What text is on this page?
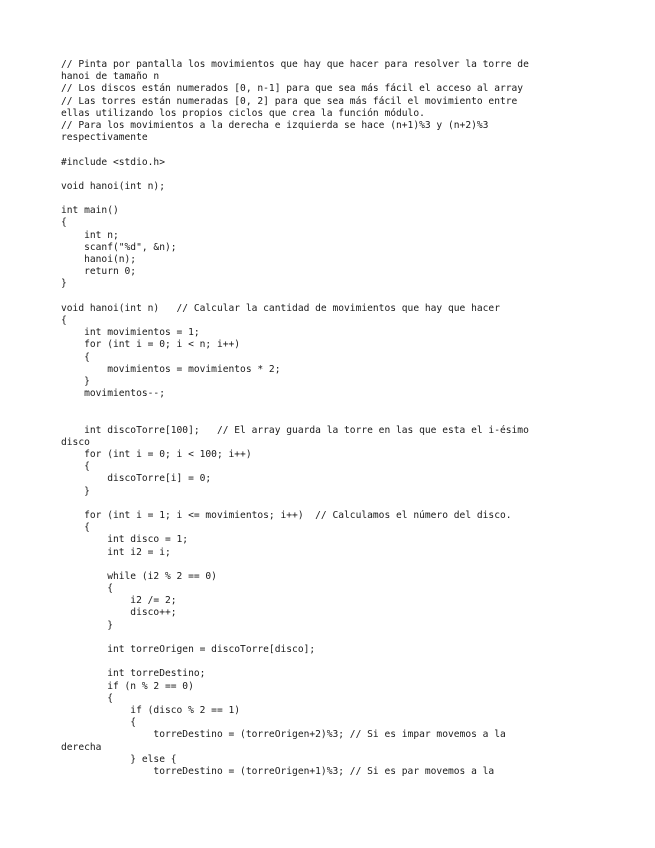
// Pinta por pantalla los movimientos que hay que hacer para resolver la torre de
hanoi de tamaño n
// Los discos están numerados [0, n-1] para que sea más fácil el acceso al array
// Las torres están numeradas [0, 2] para que sea más fácil el movimiento entre
ellas utilizando los propios ciclos que crea la función módulo.
// Para los movimientos a la derecha e izquierda se hace (n+1)%3 y (n+2)%3
respectivamente
#include <stdio.h>
void hanoi(int n);
int main()
{
int n;
scanf("%d", &n);
hanoi(n);
return 0;
}
void hanoi(int n)   // Calcular la cantidad de movimientos que hay que hacer
{
int movimientos = 1;
for (int i = 0; i < n; i++)
{
movimientos = movimientos * 2;
}
movimientos--;
int discoTorre[100];   // El array guarda la torre en las que esta el i-ésimo
disco
for (int i = 0; i < 100; i++)
{
discoTorre[i] = 0;
}
for (int i = 1; i <= movimientos; i++)  // Calculamos el número del disco.
{
int disco = 1;
int i2 = i;
while (i2 % 2 == 0)
{
i2 /= 2;
disco++;
}
int torreOrigen = discoTorre[disco];
int torreDestino;
if (n % 2 == 0)
{
if (disco % 2 == 1)
{
torreDestino = (torreOrigen+2)%3; // Si es impar movemos a la
derecha
} else {
torreDestino = (torreOrigen+1)%3; // Si es par movemos a la
